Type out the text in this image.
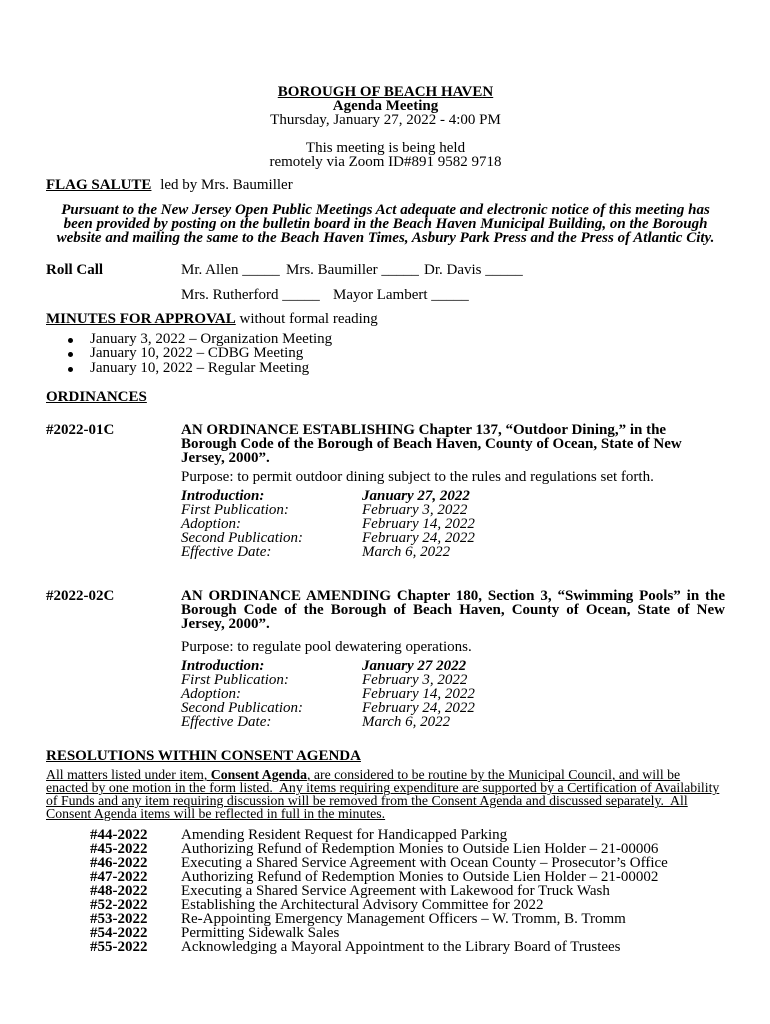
BOROUGH OF BEACH HAVEN
Agenda Meeting
Thursday, January 27, 2022 - 4:00 PM
This meeting is being held
remotely via Zoom ID#891 9582 9718
FLAG SALUTE led by Mrs. Baumiller
Pursuant to the New Jersey Open Public Meetings Act adequate and electronic notice of this meeting has
been provided by posting on the bulletin board in the Beach Haven Municipal Building, on the Borough
website and mailing the same to the Beach Haven Times, Asbury Park Press and the Press of Atlantic City.
Roll Call	Mr. Allen _____ Mrs. Baumiller _____ Dr. Davis _____
Mrs. Rutherford _____ Mayor Lambert _____
MINUTES FOR APPROVAL without formal reading
January 3, 2022 – Organization Meeting
January 10, 2022 – CDBG Meeting
January 10, 2022 – Regular Meeting
ORDINANCES
#2022-01C	AN ORDINANCE ESTABLISHING Chapter 137, “Outdoor Dining,” in the
Borough Code of the Borough of Beach Haven, County of Ocean, State of New
Jersey, 2000”.
Purpose: to permit outdoor dining subject to the rules and regulations set forth.
Introduction:	January 27, 2022
First Publication:	February 3, 2022
Adoption:	February 14, 2022
Second Publication:	February 24, 2022
Effective Date:	March 6, 2022
#2022-02C	AN ORDINANCE AMENDING Chapter 180, Section 3, “Swimming Pools” in the
Borough Code of the Borough of Beach Haven, County of Ocean, State of New
Jersey, 2000”.
Purpose: to regulate pool dewatering operations.
Introduction:	January 27 2022
First Publication:	February 3, 2022
Adoption:	February 14, 2022
Second Publication:	February 24, 2022
Effective Date:	March 6, 2022
RESOLUTIONS WITHIN CONSENT AGENDA
All matters listed under item, Consent Agenda, are considered to be routine by the Municipal Council, and will be
enacted by one motion in the form listed.  Any items requiring expenditure are supported by a Certification of Availability
of Funds and any item requiring discussion will be removed from the Consent Agenda and discussed separately.  All
Consent Agenda items will be reflected in full in the minutes.
#44-2022 Amending Resident Request for Handicapped Parking
#45-2022 Authorizing Refund of Redemption Monies to Outside Lien Holder – 21-00006
#46-2022 Executing a Shared Service Agreement with Ocean County – Prosecutor’s Office
#47-2022 Authorizing Refund of Redemption Monies to Outside Lien Holder – 21-00002
#48-2022 Executing a Shared Service Agreement with Lakewood for Truck Wash
#52-2022 Establishing the Architectural Advisory Committee for 2022
#53-2022 Re-Appointing Emergency Management Officers – W. Tromm, B. Tromm
#54-2022 Permitting Sidewalk Sales
#55-2022 Acknowledging a Mayoral Appointment to the Library Board of Trustees
